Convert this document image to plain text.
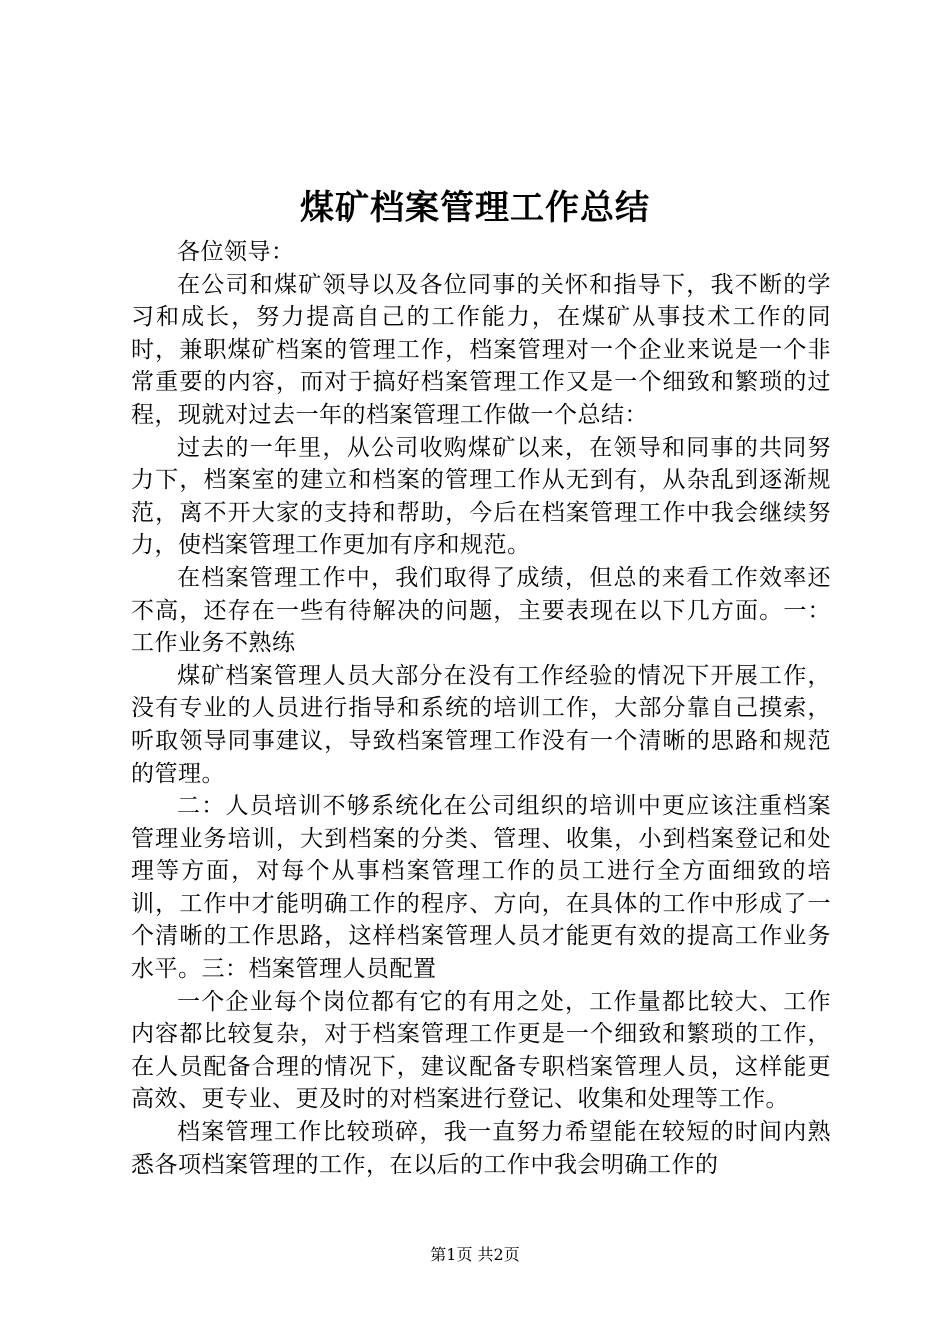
煤矿档案管理工作总结

各位领导：

在公司和煤矿领导以及各位同事的关怀和指导下，我不断的学习和成长，努力提高自己的工作能力，在煤矿从事技术工作的同时，兼职煤矿档案的管理工作，档案管理对一个企业来说是一个非常重要的内容，而对于搞好档案管理工作又是一个细致和繁琐的过程，现就对过去一年的档案管理工作做一个总结：

过去的一年里，从公司收购煤矿以来，在领导和同事的共同努力下，档案室的建立和档案的管理工作从无到有，从杂乱到逐渐规范，离不开大家的支持和帮助，今后在档案管理工作中我会继续努力，使档案管理工作更加有序和规范。

在档案管理工作中，我们取得了成绩，但总的来看工作效率还不高，还存在一些有待解决的问题，主要表现在以下几方面。一：工作业务不熟练

煤矿档案管理人员大部分在没有工作经验的情况下开展工作，没有专业的人员进行指导和系统的培训工作，大部分靠自己摸索，听取领导同事建议，导致档案管理工作没有一个清晰的思路和规范的管理。

二：人员培训不够系统化在公司组织的培训中更应该注重档案管理业务培训，大到档案的分类、管理、收集，小到档案登记和处理等方面，对每个从事档案管理工作的员工进行全方面细致的培训，工作中才能明确工作的程序、方向，在具体的工作中形成了一个清晰的工作思路，这样档案管理人员才能更有效的提高工作业务水平。三：档案管理人员配置

一个企业每个岗位都有它的有用之处，工作量都比较大、工作内容都比较复杂，对于档案管理工作更是一个细致和繁琐的工作，在人员配备合理的情况下，建议配备专职档案管理人员，这样能更高效、更专业、更及时的对档案进行登记、收集和处理等工作。

档案管理工作比较琐碎，我一直努力希望能在较短的时间内熟悉各项档案管理的工作，在以后的工作中我会明确工作的

第1页 共2页
